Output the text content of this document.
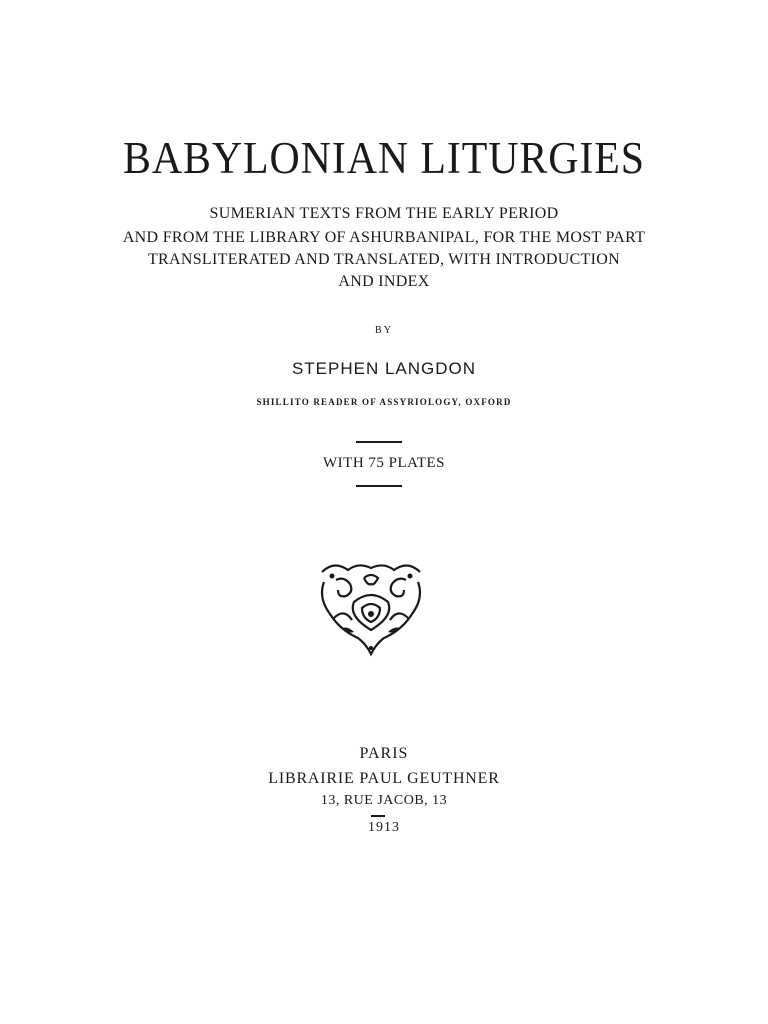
BABYLONIAN LITURGIES
SUMERIAN TEXTS FROM THE EARLY PERIOD
AND FROM THE LIBRARY OF ASHURBANIPAL, FOR THE MOST PART
TRANSLITERATED AND TRANSLATED, WITH INTRODUCTION
AND INDEX
BY
STEPHEN LANGDON
SHILLITO READER OF ASSYRIOLOGY, OXFORD
WITH 75 PLATES
PARIS
LIBRAIRIE PAUL GEUTHNER
13, RUE JACOB, 13
1913
